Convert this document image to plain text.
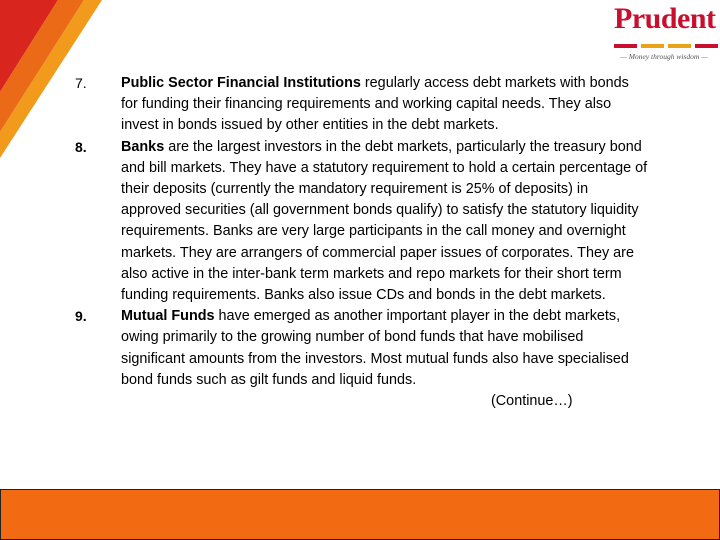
Prudent
— Money through wisdom —
7. Public Sector Financial Institutions regularly access debt markets with bonds for funding their financing requirements and working capital needs. They also invest in bonds issued by other entities in the debt markets.
8. Banks are the largest investors in the debt markets, particularly the treasury bond and bill markets. They have a statutory requirement to hold a certain percentage of their deposits (currently the mandatory requirement is 25% of deposits) in approved securities (all government bonds qualify) to satisfy the statutory liquidity requirements. Banks are very large participants in the call money and overnight markets. They are arrangers of commercial paper issues of corporates. They are also active in the inter-bank term markets and repo markets for their short term funding requirements. Banks also issue CDs and bonds in the debt markets.
9. Mutual Funds have emerged as another important player in the debt markets, owing primarily to the growing number of bond funds that have mobilised significant amounts from the investors. Most mutual funds also have specialised bond funds such as gilt funds and liquid funds.
(Continue…)
